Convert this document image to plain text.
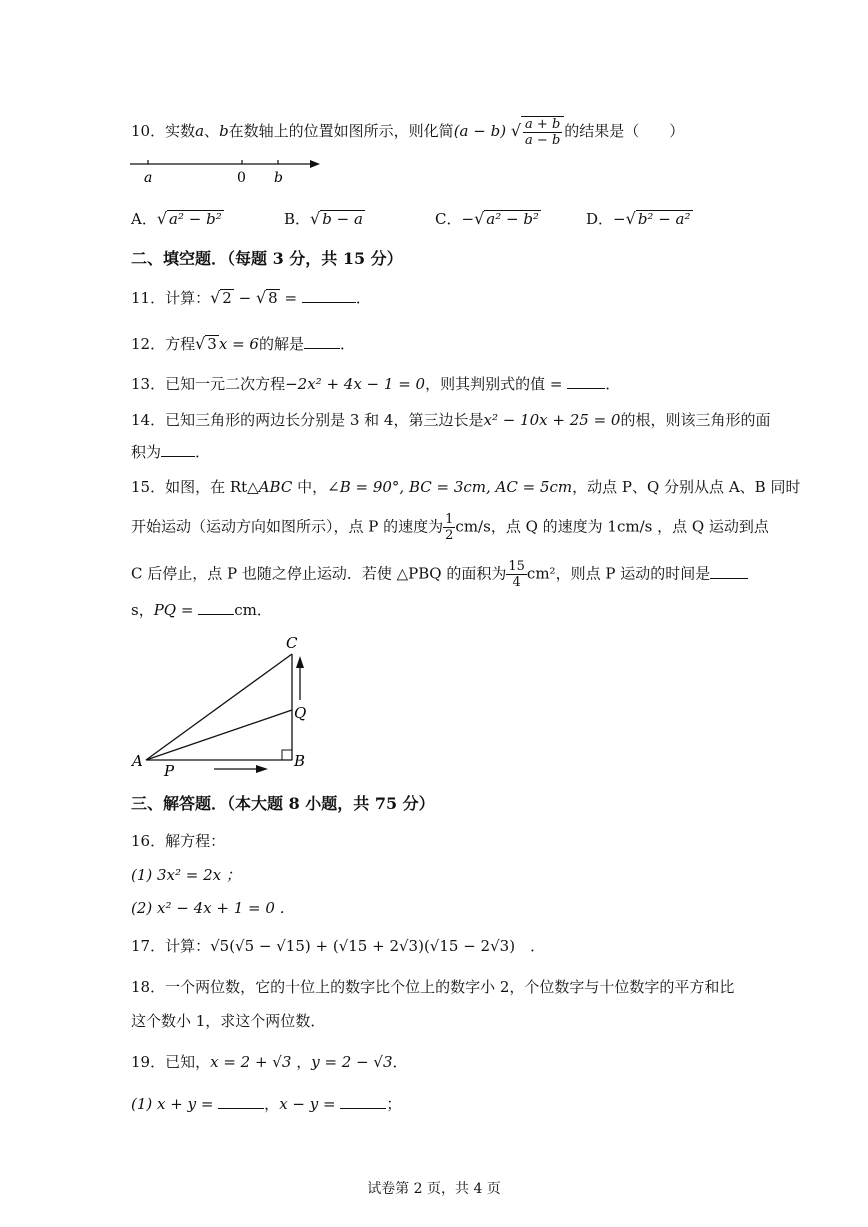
10．实数a、b在数轴上的位置如图所示，则化简(a − b) √ $\frac{a + b}{a - b}$ 的结果是（　　）
a	0 b
A．√ a² − b²	B．√ b − a	C．−√ a² − b²	D．−√ b² − a²
二、填空题．（每题 3 分，共 15 分）
11．计算：√ 2 − √ 8 =	．
12．方程√ 3 x = 6的解是 ．
13．已知一元二次方程−2x² + 4x − 1 = 0，则其判别式的值 =	．
14．已知三角形的两边长分别是 3 和 4，第三边长是x² − 10x + 25 = 0的根，则该三角形的面
积为 ．
15．如图，在 Rt△ABC 中，∠B = 90°, BC = 3cm, AC = 5cm，动点 P、Q 分别从点 A、B 同时
开始运动（运动方向如图所示），点 P 的速度为 $\frac{1}{2} cm/s$，点 Q 的速度为 1cm/s ，点 Q 运动到点
C 后停止，点 P 也随之停止运动．若使 △PBQ 的面积为 $\frac{15}{4} cm^2$，则点 P 运动的时间是
s，PQ = cm．
C
Q
A
P
B
三、解答题．（本大题 8 小题，共 75 分）
16．解方程：
(1) 3x² = 2x ；
(2) x² − 4x + 1 = 0 ．
17．计算：√5(√5 − √15) + (√15 + 2√3)(√15 − 2√3)　．
18．一个两位数，它的十位上的数字比个位上的数字小 2，个位数字与十位数字的平方和比
这个数小 1，求这个两位数．
19．已知，x = 2 + √3 ，y = 2 − √3．
(1) x + y =	，x − y =	；
试卷第 2 页，共 4 页
